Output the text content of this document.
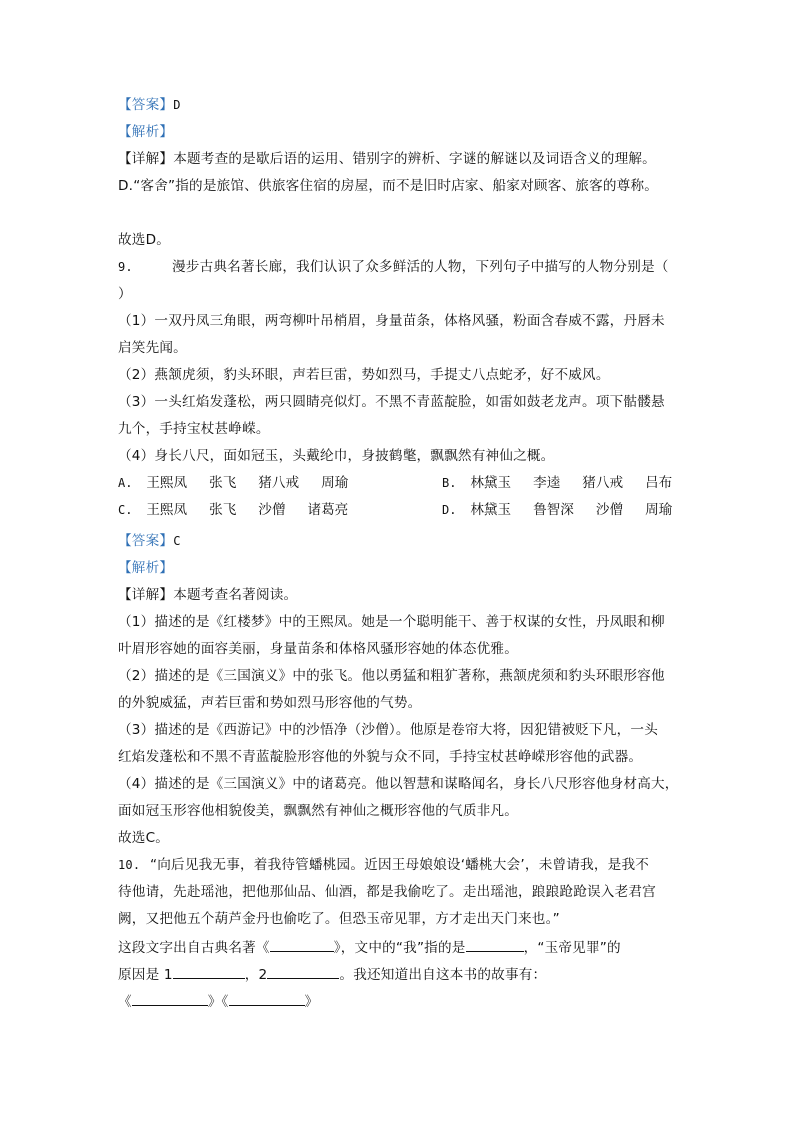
【答案】D
【解析】
【详解】本题考查的是歇后语的运用、错别字的辨析、字谜的解谜以及词语含义的理解。
D.“客舍”指的是旅馆、供旅客住宿的房屋，而不是旧时店家、船家对顾客、旅客的尊称。
故选D。
9.	漫步古典名著长廊，我们认识了众多鲜活的人物，下列句子中描写的人物分别是（
）
（1）一双丹凤三角眼，两弯柳叶吊梢眉，身量苗条，体格风骚，粉面含春威不露，丹唇未
启笑先闻。
（2）燕颔虎须，豹头环眼，声若巨雷，势如烈马，手提丈八点蛇矛，好不威风。
（3）一头红焰发蓬松，两只圆睛亮似灯。不黑不青蓝靛脸，如雷如鼓老龙声。项下骷髅悬
九个，手持宝杖甚峥嵘。
（4）身长八尺，面如冠玉，头戴纶巾，身披鹤氅，飘飘然有神仙之概。
A. 王熙凤 张飞 猪八戒 周瑜	B. 林黛玉 李逵 猪八戒 吕布
C. 王熙凤 张飞 沙僧 诸葛亮	D. 林黛玉 鲁智深 沙僧 周瑜
【答案】C
【解析】
【详解】本题考查名著阅读。
（1）描述的是《红楼梦》中的王熙凤。她是一个聪明能干、善于权谋的女性，丹凤眼和柳
叶眉形容她的面容美丽，身量苗条和体格风骚形容她的体态优雅。
（2）描述的是《三国演义》中的张飞。他以勇猛和粗犷著称，燕颔虎须和豹头环眼形容他
的外貌威猛，声若巨雷和势如烈马形容他的气势。
（3）描述的是《西游记》中的沙悟净（沙僧）。他原是卷帘大将，因犯错被贬下凡，一头
红焰发蓬松和不黑不青蓝靛脸形容他的外貌与众不同，手持宝杖甚峥嵘形容他的武器。
（4）描述的是《三国演义》中的诸葛亮。他以智慧和谋略闻名，身长八尺形容他身材高大，
面如冠玉形容他相貌俊美，飘飘然有神仙之概形容他的气质非凡。
故选C。
10. “向后见我无事，着我待管蟠桃园。近因王母娘娘设‘蟠桃大会’，未曾请我，是我不
待他请，先赴瑶池，把他那仙品、仙酒，都是我偷吃了。走出瑶池，踉踉跄跄误入老君宫
阙，又把他五个葫芦金丹也偷吃了。但恐玉帝见罪，方才走出天门来也。”
这段文字出自古典名著《	》，文中的“我”指的是	，“玉帝见罪”的
原因是 1	，2	。我还知道出自这本书的故事有：
《	》《	》
